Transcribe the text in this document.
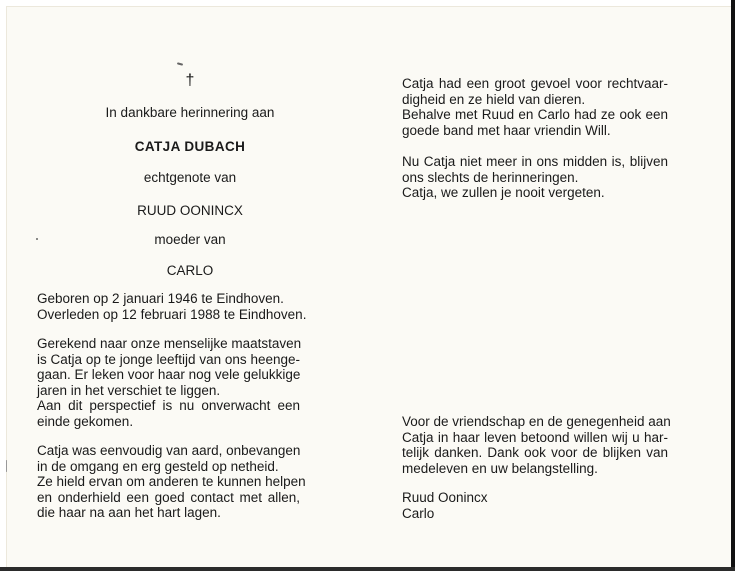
†
In dankbare herinnering aan
CATJA DUBACH
echtgenote van
RUUD OONINCX
moeder van
CARLO
Geboren op 2 januari 1946 te Eindhoven.
Overleden op 12 februari 1988 te Eindhoven.
Gerekend naar onze menselijke maatstaven
is Catja op te jonge leeftijd van ons heenge-
gaan. Er leken voor haar nog vele gelukkige
jaren in het verschiet te liggen.
Aan dit perspectief is nu onverwacht een
einde gekomen.
Catja was eenvoudig van aard, onbevangen
in de omgang en erg gesteld op netheid.
Ze hield ervan om anderen te kunnen helpen
en onderhield een goed contact met allen,
die haar na aan het hart lagen.
Catja had een groot gevoel voor rechtvaar-
digheid en ze hield van dieren.
Behalve met Ruud en Carlo had ze ook een
goede band met haar vriendin Will.
Nu Catja niet meer in ons midden is, blijven
ons slechts de herinneringen.
Catja, we zullen je nooit vergeten.
Voor de vriendschap en de genegenheid aan
Catja in haar leven betoond willen wij u har-
telijk danken. Dank ook voor de blijken van
medeleven en uw belangstelling.
Ruud Oonincx
Carlo
